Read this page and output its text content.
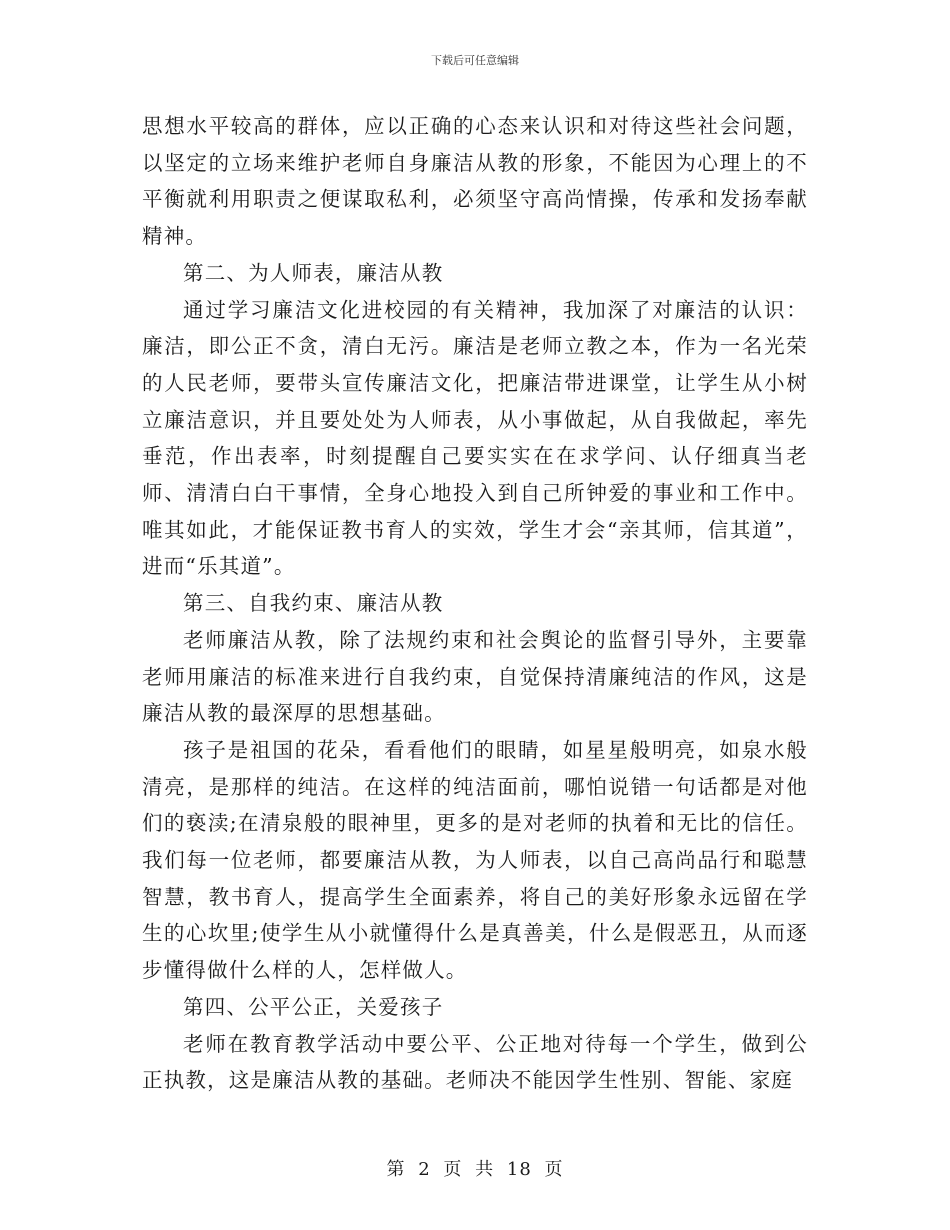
下载后可任意编辑

思想水平较高的群体，应以正确的心态来认识和对待这些社会问题，以坚定的立场来维护老师自身廉洁从教的形象，不能因为心理上的不平衡就利用职责之便谋取私利，必须坚守高尚情操，传承和发扬奉献精神。

第二、为人师表，廉洁从教

通过学习廉洁文化进校园的有关精神，我加深了对廉洁的认识：廉洁，即公正不贪，清白无污。廉洁是老师立教之本，作为一名光荣的人民老师，要带头宣传廉洁文化，把廉洁带进课堂，让学生从小树立廉洁意识，并且要处处为人师表，从小事做起，从自我做起，率先垂范，作出表率，时刻提醒自己要实实在在求学问、认仔细真当老师、清清白白干事情，全身心地投入到自己所钟爱的事业和工作中。唯其如此，才能保证教书育人的实效，学生才会“亲其师，信其道”，进而“乐其道”。

第三、自我约束、廉洁从教

老师廉洁从教，除了法规约束和社会舆论的监督引导外，主要靠老师用廉洁的标准来进行自我约束，自觉保持清廉纯洁的作风，这是廉洁从教的最深厚的思想基础。

孩子是祖国的花朵，看看他们的眼睛，如星星般明亮，如泉水般清亮，是那样的纯洁。在这样的纯洁面前，哪怕说错一句话都是对他们的亵渎;在清泉般的眼神里，更多的是对老师的执着和无比的信任。我们每一位老师，都要廉洁从教，为人师表，以自己高尚品行和聪慧智慧，教书育人，提高学生全面素养，将自己的美好形象永远留在学生的心坎里;使学生从小就懂得什么是真善美，什么是假恶丑，从而逐步懂得做什么样的人，怎样做人。

第四、公平公正，关爱孩子

老师在教育教学活动中要公平、公正地对待每一个学生，做到公正执教，这是廉洁从教的基础。老师决不能因学生性别、智能、家庭

第 2 页 共 18 页
